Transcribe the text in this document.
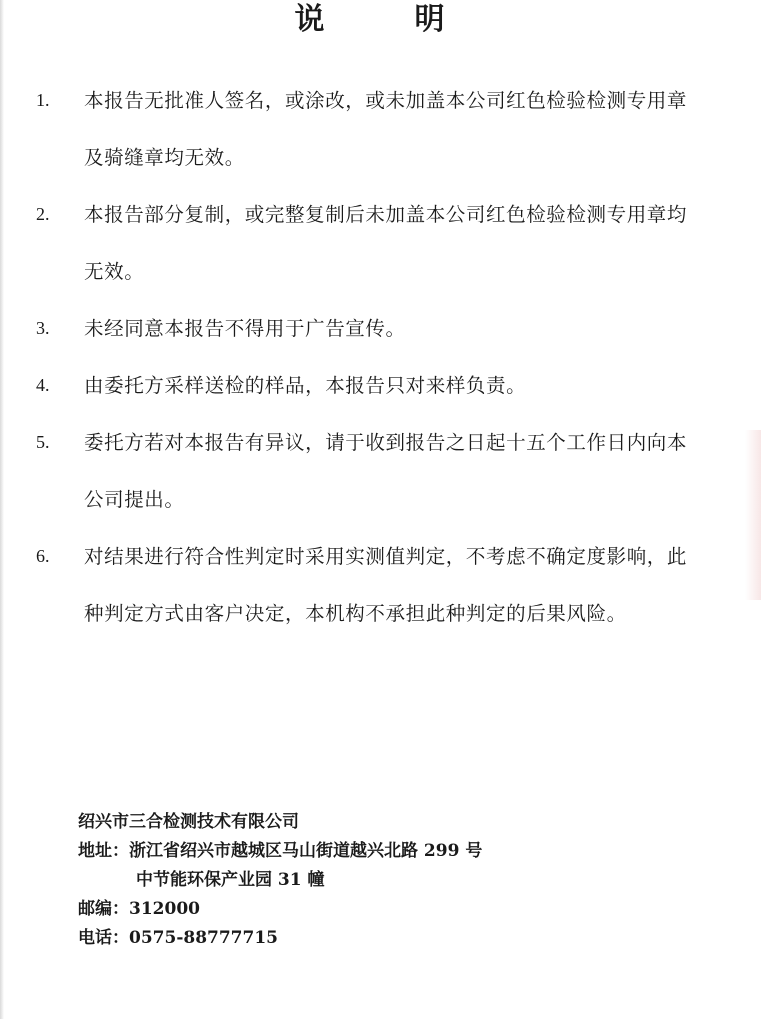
说　明
1. 本报告无批准人签名，或涂改，或未加盖本公司红色检验检测专用章及骑缝章均无效。
2. 本报告部分复制，或完整复制后未加盖本公司红色检验检测专用章均无效。
3. 未经同意本报告不得用于广告宣传。
4. 由委托方采样送检的样品，本报告只对来样负责。
5. 委托方若对本报告有异议，请于收到报告之日起十五个工作日内向本公司提出。
6. 对结果进行符合性判定时采用实测值判定，不考虑不确定度影响，此种判定方式由客户决定，本机构不承担此种判定的后果风险。
绍兴市三合检测技术有限公司
地址： 浙江省绍兴市越城区马山街道越兴北路 299 号
中节能环保产业园 31 幢
邮编： 312000
电话： 0575-88777715
